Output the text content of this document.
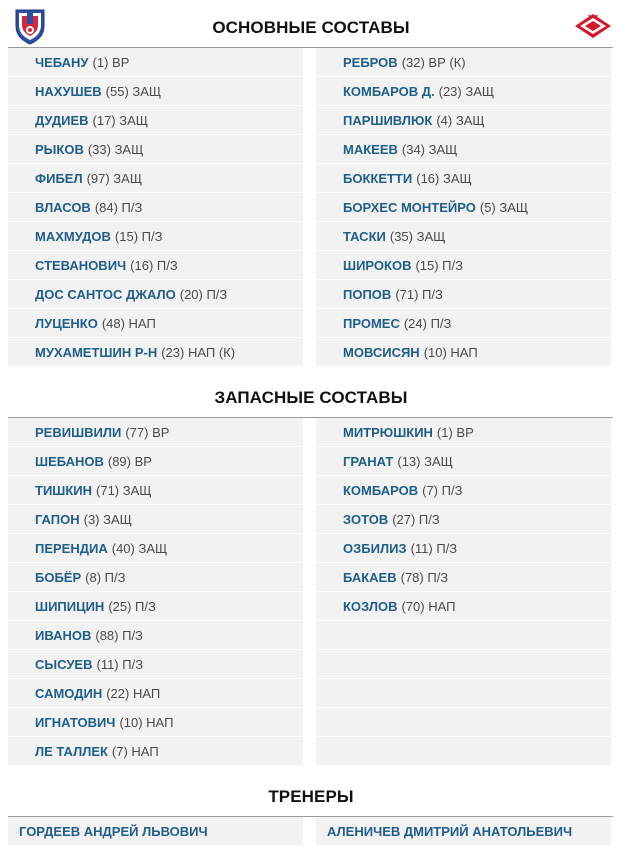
★★★
ОСНОВНЫЕ СОСТАВЫ
ЧЕБАНУ (1) ВР
НАХУШЕВ (55) ЗАЩ
ДУДИЕВ (17) ЗАЩ
РЫКОВ (33) ЗАЩ
ФИБЕЛ (97) ЗАЩ
ВЛАСОВ (84) П/З
МАХМУДОВ (15) П/З
СТЕВАНОВИЧ (16) П/З
ДОС САНТОС ДЖАЛО (20) П/З
ЛУЦЕНКО (48) НАП
МУХАМЕТШИН Р-Н (23) НАП (К)
РЕБРОВ (32) ВР (К)
КОМБАРОВ Д. (23) ЗАЩ
ПАРШИВЛЮК (4) ЗАЩ
МАКЕЕВ (34) ЗАЩ
БОККЕТТИ (16) ЗАЩ
БОРХЕС МОНТЕЙРО (5) ЗАЩ
ТАСКИ (35) ЗАЩ
ШИРОКОВ (15) П/З
ПОПОВ (71) П/З
ПРОМЕС (24) П/З
МОВСИСЯН (10) НАП
ЗАПАСНЫЕ СОСТАВЫ
РЕВИШВИЛИ (77) ВР
ШЕБАНОВ (89) ВР
ТИШКИН (71) ЗАЩ
ГАПОН (3) ЗАЩ
ПЕРЕНДИА (40) ЗАЩ
БОБЁР (8) П/З
ШИПИЦИН (25) П/З
ИВАНОВ (88) П/З
СЫСУЕВ (11) П/З
САМОДИН (22) НАП
ИГНАТОВИЧ (10) НАП
ЛЕ ТАЛЛЕК (7) НАП
МИТРЮШКИН (1) ВР
ГРАНАТ (13) ЗАЩ
КОМБАРОВ (7) П/З
ЗОТОВ (27) П/З
ОЗБИЛИЗ (11) П/З
БАКАЕВ (78) П/З
КОЗЛОВ (70) НАП
ТРЕНЕРЫ
ГОРДЕЕВ АНДРЕЙ ЛЬВОВИЧ	АЛЕНИЧЕВ ДМИТРИЙ АНАТОЛЬЕВИЧ
